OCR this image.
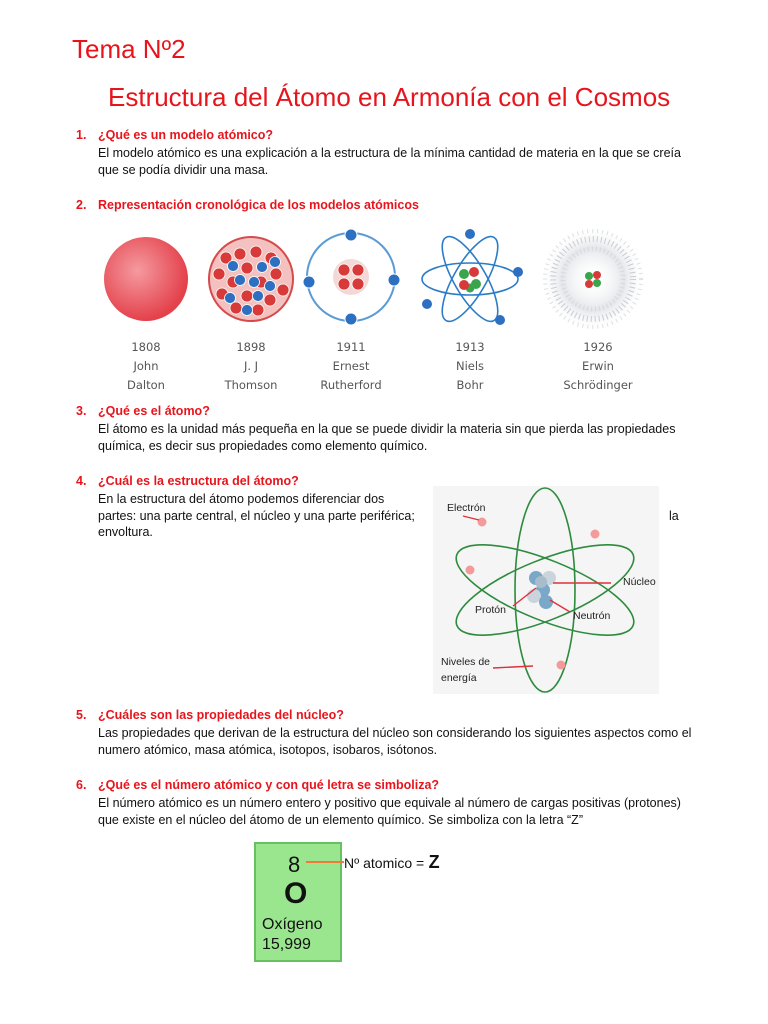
Tema Nº2
Estructura del Átomo en Armonía con el Cosmos
1. ¿Qué es un modelo atómico?
El modelo atómico es una explicación a la estructura de la mínima cantidad de materia en la que se creía
que se podía dividir una masa.
2. Representación cronológica de los modelos atómicos
1808
John
Dalton
1898
J. J
Thomson
1911
Ernest
Rutherford
1913
Niels
Bohr
1926
Erwin
Schrödinger
3. ¿Qué es el átomo?
El átomo es la unidad más pequeña en la que se puede dividir la materia sin que pierda las propiedades
química, es decir sus propiedades como elemento químico.
4. ¿Cuál es la estructura del átomo?
En la estructura del átomo podemos diferenciar dos
partes: una parte central, el núcleo y una parte periférica;
envoltura.
la
Electrón
Núcleo
Protón	Neutrón
Niveles de
energía
5. ¿Cuáles son las propiedades del núcleo?
Las propiedades que derivan de la estructura del núcleo son considerando los siguientes aspectos como el
numero atómico, masa atómica, isotopos, isobaros, isótonos.
6. ¿Qué es el número atómico y con qué letra se simboliza?
El número atómico es un número entero y positivo que equivale al número de cargas positivas (protones)
que existe en el núcleo del átomo de un elemento químico. Se simboliza con la letra “Z”
8
O
Oxígeno
15,999
Nº atomico = Z
